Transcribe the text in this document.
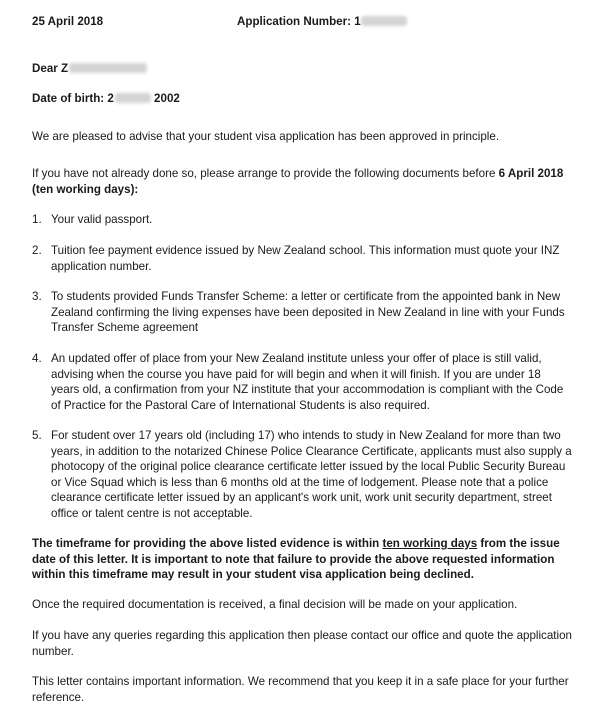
25 April 2018	Application Number: 1
Dear Z
Date of birth: 2	2002

We are pleased to advise that your student visa application has been approved in principle.

If you have not already done so, please arrange to provide the following documents before 6 April 2018 (ten working days):

1. Your valid passport.
2. Tuition fee payment evidence issued by New Zealand school. This information must quote your INZ application number.
3. To students provided Funds Transfer Scheme: a letter or certificate from the appointed bank in New Zealand confirming the living expenses have been deposited in New Zealand in line with your Funds Transfer Scheme agreement
4. An updated offer of place from your New Zealand institute unless your offer of place is still valid, advising when the course you have paid for will begin and when it will finish. If you are under 18 years old, a confirmation from your NZ institute that your accommodation is compliant with the Code of Practice for the Pastoral Care of International Students is also required.
5. For student over 17 years old (including 17) who intends to study in New Zealand for more than two years, in addition to the notarized Chinese Police Clearance Certificate, applicants must also supply a photocopy of the original police clearance certificate letter issued by the local Public Security Bureau or Vice Squad which is less than 6 months old at the time of lodgement. Please note that a police clearance certificate letter issued by an applicant's work unit, work unit security department, street office or talent centre is not acceptable.

The timeframe for providing the above listed evidence is within ten working days from the issue date of this letter. It is important to note that failure to provide the above requested information within this timeframe may result in your student visa application being declined.

Once the required documentation is received, a final decision will be made on your application.

If you have any queries regarding this application then please contact our office and quote the application number.

This letter contains important information. We recommend that you keep it in a safe place for your further reference.
